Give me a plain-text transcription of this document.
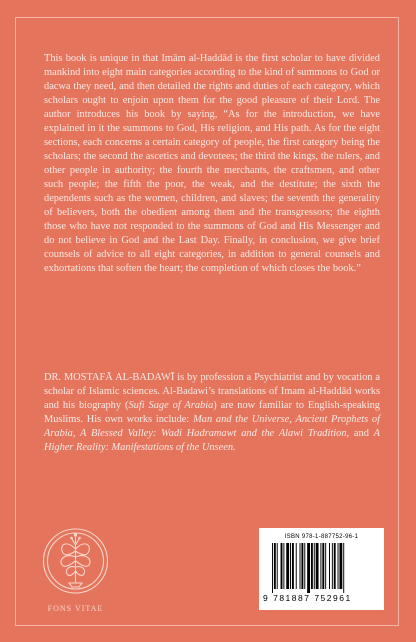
This book is unique in that Imām al-Haddād is the first scholar to have divided mankind into eight main categories according to the kind of summons to God or dacwa they need, and then detailed the rights and duties of each category, which scholars ought to enjoin upon them for the good pleasure of their Lord. The author introduces his book by saying, “As for the introduction, we have explained in it the summons to God, His religion, and His path. As for the eight sections, each concerns a certain category of people, the first category being the scholars; the second the ascetics and devotees; the third the kings, the rulers, and other people in authority; the fourth the merchants, the craftsmen, and other such people; the fifth the poor, the weak, and the destitute; the sixth the dependents such as the women, children, and slaves; the seventh the generality of believers, both the obedient among them and the transgressors; the eighth those who have not responded to the summons of God and His Messenger and do not believe in God and the Last Day. Finally, in conclusion, we give brief counsels of advice to all eight categories, in addition to general counsels and exhortations that soften the heart; the completion of which closes the book.”

DR. MOSTAFĀ AL-BADAWĪ is by profession a Psychiatrist and by vocation a scholar of Islamic sciences. Al-Badawi’s translations of Imam al-Haddād works and his biography (Sufi Sage of Arabia) are now familiar to English-speaking Muslims. His own works include: Man and the Universe, Ancient Prophets of Arabia, A Blessed Valley: Wadi Hadramawt and the Alawi Tradition, and A Higher Reality: Manifestations of the Unseen.

FONS VITAE
ISBN 978-1-887752-96-1
9 781887 752961
